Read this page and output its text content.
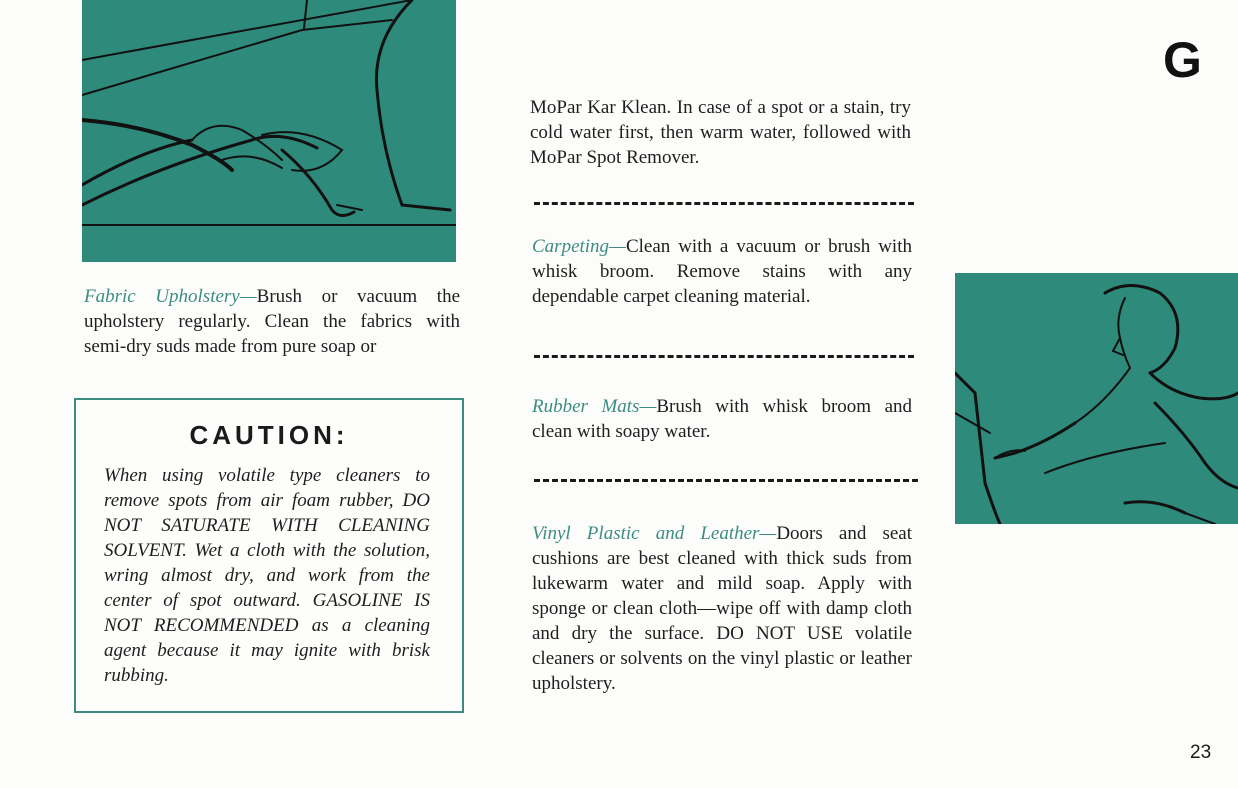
Fabric Upholstery—Brush or vacuum the upholstery regularly. Clean the fabrics with semi-dry suds made from pure soap or

CAUTION:

When using volatile type cleaners to remove spots from air foam rubber, DO NOT SATURATE WITH CLEANING SOLVENT. Wet a cloth with the solution, wring almost dry, and work from the center of spot outward. GASOLINE IS NOT RECOMMENDED as a cleaning agent because it may ignite with brisk rubbing.

MoPar Kar Klean. In case of a spot or a stain, try cold water first, then warm water, followed with MoPar Spot Remover.

Carpeting—Clean with a vacuum or brush with whisk broom. Remove stains with any dependable carpet cleaning material.

Rubber Mats—Brush with whisk broom and clean with soapy water.

Vinyl Plastic and Leather—Doors and seat cushions are best cleaned with thick suds from lukewarm water and mild soap. Apply with sponge or clean cloth—wipe off with damp cloth and dry the surface. DO NOT USE volatile cleaners or solvents on the vinyl plastic or leather upholstery.

G
23
